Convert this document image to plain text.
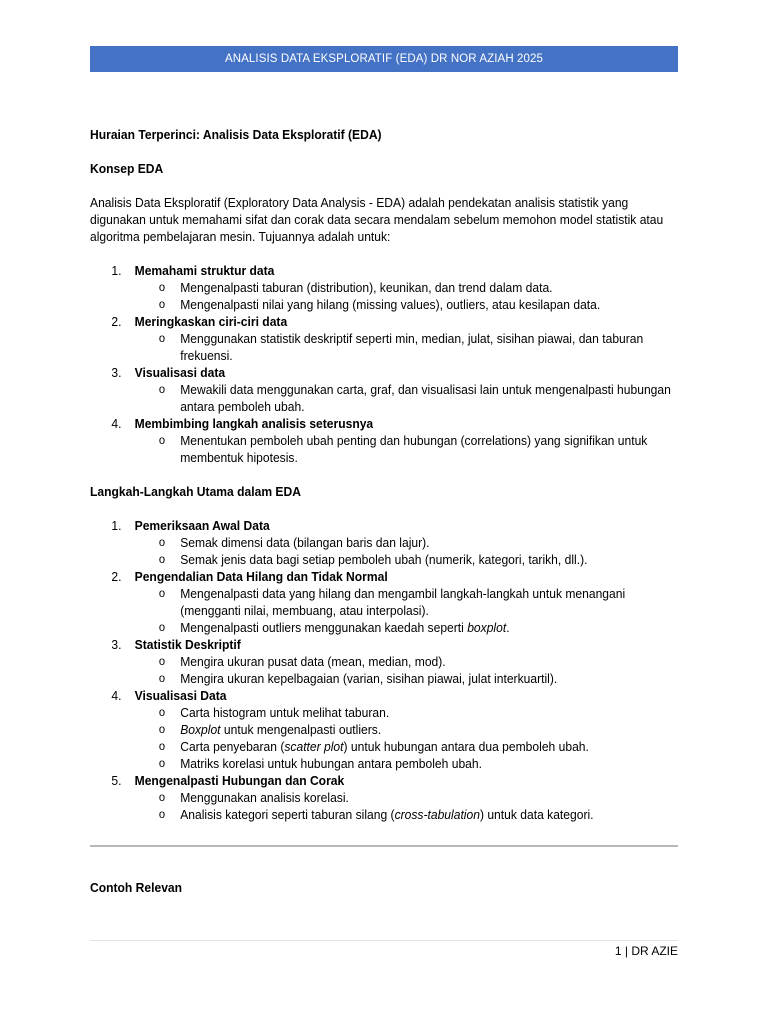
ANALISIS DATA EKSPLORATIF (EDA) DR NOR AZIAH 2025
Huraian Terperinci: Analisis Data Eksploratif (EDA)
Konsep EDA
Analisis Data Eksploratif (Exploratory Data Analysis - EDA) adalah pendekatan analisis statistik yang digunakan untuk memahami sifat dan corak data secara mendalam sebelum memohon model statistik atau algoritma pembelajaran mesin. Tujuannya adalah untuk:
1.	Memahami struktur data
o Mengenalpasti taburan (distribution), keunikan, dan trend dalam data.
o Mengenalpasti nilai yang hilang (missing values), outliers, atau kesilapan data.
2.	Meringkaskan ciri-ciri data
o Menggunakan statistik deskriptif seperti min, median, julat, sisihan piawai, dan taburan frekuensi.
3.	Visualisasi data
o Mewakili data menggunakan carta, graf, dan visualisasi lain untuk mengenalpasti hubungan antara pemboleh ubah.
4.	Membimbing langkah analisis seterusnya
o Menentukan pemboleh ubah penting dan hubungan (correlations) yang signifikan untuk membentuk hipotesis.
Langkah-Langkah Utama dalam EDA
1.	Pemeriksaan Awal Data
o Semak dimensi data (bilangan baris dan lajur).
o Semak jenis data bagi setiap pemboleh ubah (numerik, kategori, tarikh, dll.).
2.	Pengendalian Data Hilang dan Tidak Normal
o Mengenalpasti data yang hilang dan mengambil langkah-langkah untuk menangani (mengganti nilai, membuang, atau interpolasi).
o Mengenalpasti outliers menggunakan kaedah seperti boxplot.
3.	Statistik Deskriptif
o Mengira ukuran pusat data (mean, median, mod).
o Mengira ukuran kepelbagaian (varian, sisihan piawai, julat interkuartil).
4.	Visualisasi Data
o Carta histogram untuk melihat taburan.
o Boxplot untuk mengenalpasti outliers.
o Carta penyebaran (scatter plot) untuk hubungan antara dua pemboleh ubah.
o Matriks korelasi untuk hubungan antara pemboleh ubah.
5.	Mengenalpasti Hubungan dan Corak
o Menggunakan analisis korelasi.
o Analisis kategori seperti taburan silang (cross-tabulation) untuk data kategori.
Contoh Relevan
1 | DR AZIE
